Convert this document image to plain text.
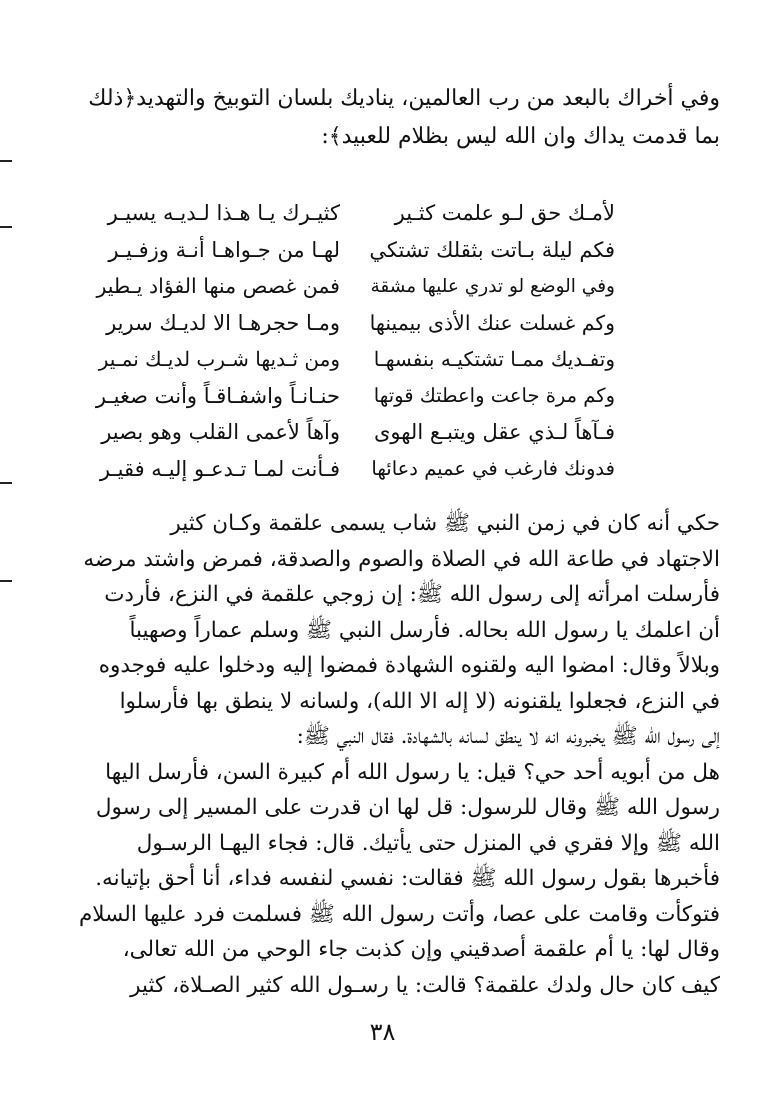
وفي أخراك بالبعد من رب العالمين، يناديك بلسان التوبيخ والتهديد﴿ذلك
بما قدمت يداك وان الله ليس بظلام للعبيد﴾:
لأمـك حق لـو علمت كثـير
كثيـرك يـا هـذا لـديـه يسيـر
فكم ليلة بـاتت بثقلك تشتكي
لهـا من جـواهـا أنـة وزفـيـر
وفي الوضع لو تدري عليها مشقة
فمن غصص منها الفؤاد يـطير
وكم غسلت عنك الأذى بيمينها
ومـا حجرهـا الا لديـك سرير
وتفـديك ممـا تشتكيـه بنفسهـا
ومن ثـديها شـرب لديـك نمـير
وكم مرة جاعت واعطتك قوتها
حنـانـاً واشفـاقـاً وأنت صغيـر
فـآهاً لـذي عقل ويتبـع الهوى
وآهاً لأعمى القلب وهو بصير
فدونك فارغب في عميم دعائها
فـأنت لمـا تـدعـو إليـه فقيـر
حكي أنه كان في زمن النبي ﷺ شاب يسمى علقمة وكـان كثير
الاجتهاد في طاعة الله في الصلاة والصوم والصدقة، فمرض واشتد مرضه
فأرسلت امرأته إلى رسول الله ﷺ: إن زوجي علقمة في النزع، فأردت
أن اعلمك يا رسول الله بحاله. فأرسل النبي ﷺ وسلم عماراً وصهيباً
وبلالاً وقال: امضوا اليه ولقنوه الشهادة فمضوا إليه ودخلوا عليه فوجدوه
في النزع، فجعلوا يلقنونه (لا إله الا الله)، ولسانه لا ينطق بها فأرسلوا
إلى رسول الله ﷺ يخبرونه انه لا ينطق لسانه بالشهادة. فقال النبي ﷺ:
هل من أبويه أحد حي؟ قيل: يا رسول الله أم كبيرة السن، فأرسل اليها
رسول الله ﷺ وقال للرسول: قل لها ان قدرت على المسير إلى رسول
الله ﷺ وإلا فقري في المنزل حتى يأتيك. قال: فجاء اليهـا الرسـول
فأخبرها بقول رسول الله ﷺ فقالت: نفسي لنفسه فداء، أنا أحق بإتيانه.
فتوكأت وقامت على عصا، وأتت رسول الله ﷺ فسلمت فرد عليها السلام
وقال لها: يا أم علقمة أصدقيني وإن كذبت جاء الوحي من الله تعالى،
كيف كان حال ولدك علقمة؟ قالت: يا رسـول الله كثير الصـلاة، كثير
٣٨
